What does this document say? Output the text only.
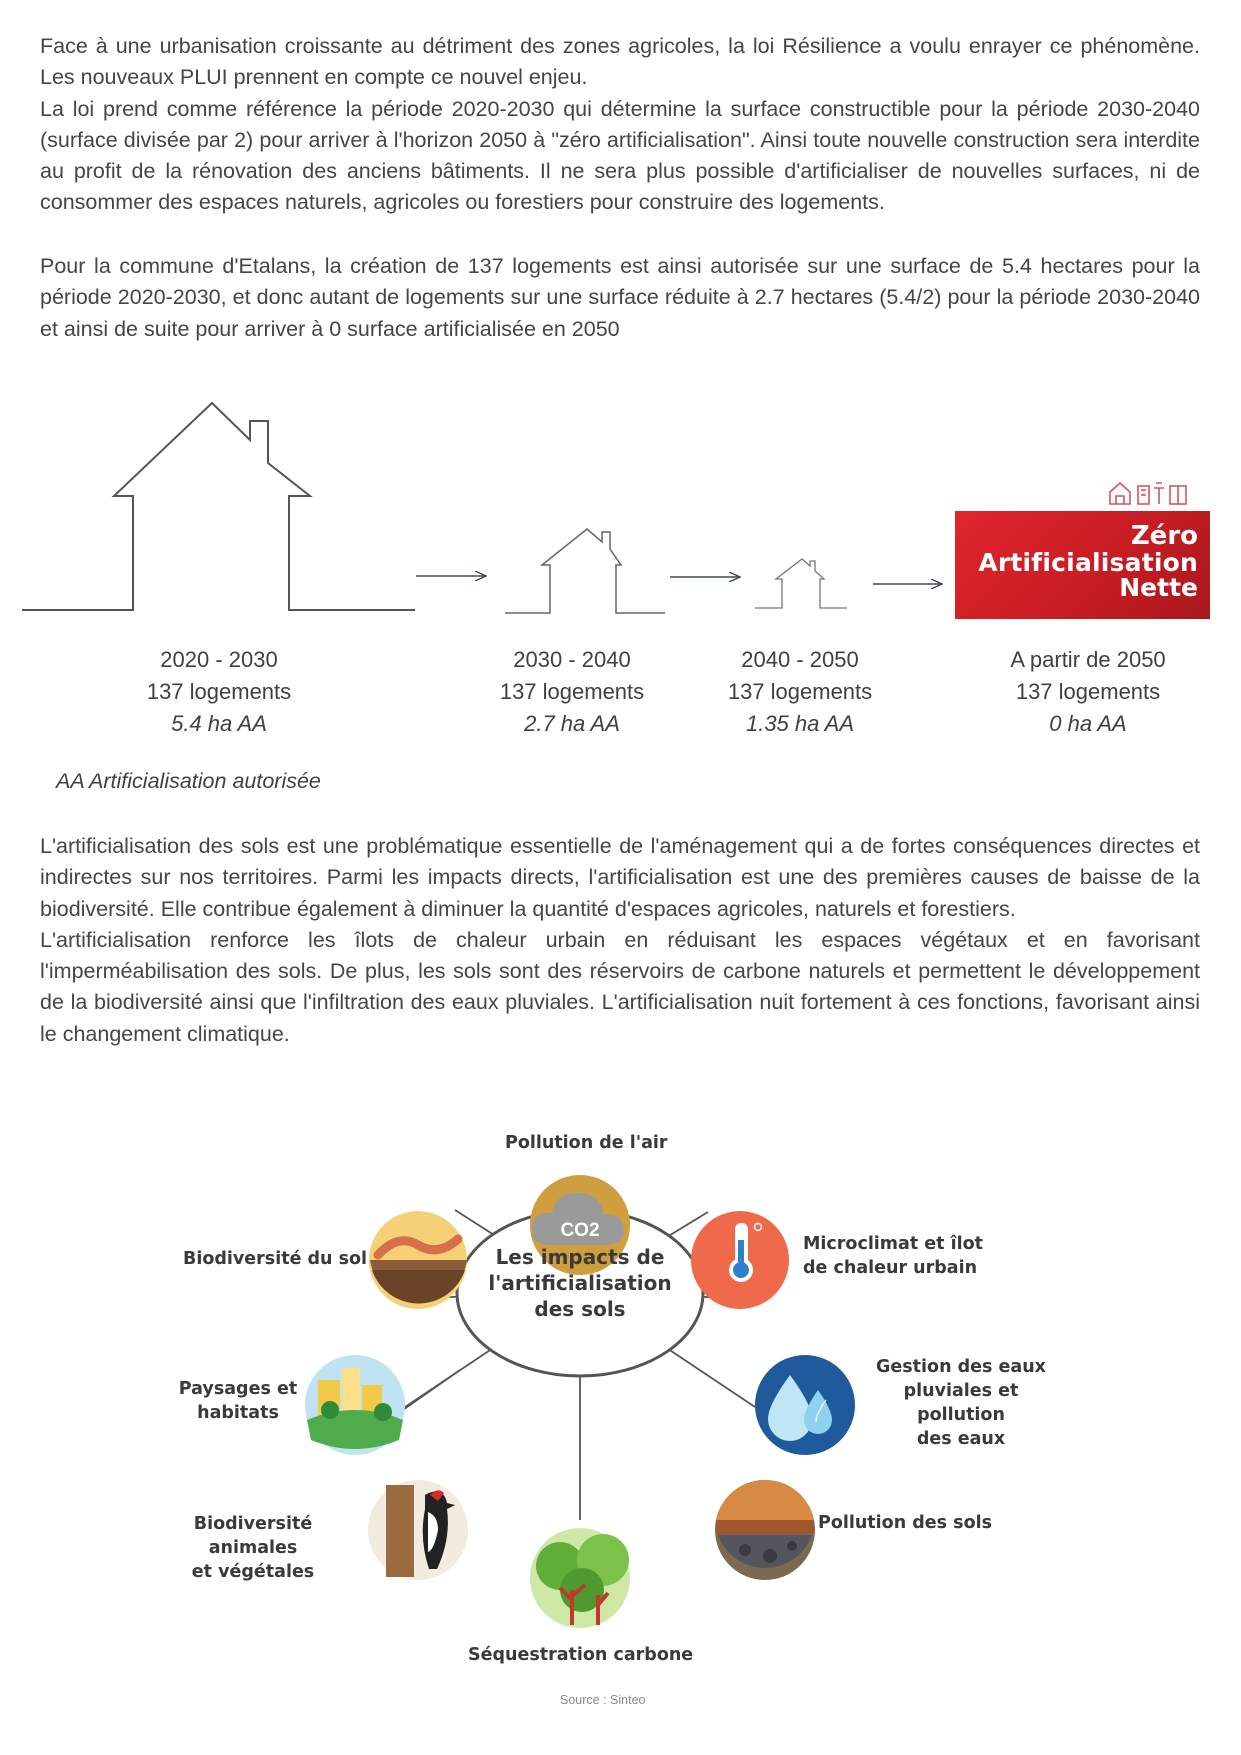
Face à une urbanisation croissante au détriment des zones agricoles, la loi Résilience a voulu enrayer ce phénomène. Les nouveaux PLUI prennent en compte ce nouvel enjeu.

La loi prend comme référence la période 2020-2030 qui détermine la surface constructible pour la période 2030-2040 (surface divisée par 2) pour arriver à l'horizon 2050 à "zéro artificialisation". Ainsi toute nouvelle construction sera interdite au profit de la rénovation des anciens bâtiments. Il ne sera plus possible d'artificialiser de nouvelles surfaces, ni de consommer des espaces naturels, agricoles ou forestiers pour construire des logements.

Pour la commune d'Etalans, la création de 137 logements est ainsi autorisée sur une surface de 5.4 hectares pour la période 2020-2030, et donc autant de logements sur une surface réduite à 2.7 hectares (5.4/2) pour la période 2030-2040 et ainsi de suite pour arriver à 0 surface artificialisée en 2050

Zéro
Artificialisation
Nette
2020 - 2030
137 logements
5.4 ha AA
2030 - 2040
137 logements
2.7 ha AA
2040 - 2050
137 logements
1.35 ha AA
A partir de 2050
137 logements
0 ha AA
AA Artificialisation autorisée

L'artificialisation des sols est une problématique essentielle de l'aménagement qui a de fortes conséquences directes et indirectes sur nos territoires. Parmi les impacts directs, l'artificialisation est une des premières causes de baisse de la biodiversité. Elle contribue également à diminuer la quantité d'espaces agricoles, naturels et forestiers.

L'artificialisation renforce les îlots de chaleur urbain en réduisant les espaces végétaux et en favorisant l'imperméabilisation des sols. De plus, les sols sont des réservoirs de carbone naturels et permettent le développement de la biodiversité ainsi que l'infiltration des eaux pluviales. L'artificialisation nuit fortement à ces fonctions, favorisant ainsi le changement climatique.

CO2
Les impacts de
l'artificialisation
des sols
Pollution de l'air
Microclimat et îlot
de chaleur urbain
Gestion des eaux
pluviales et pollution
des eaux
Pollution des sols
Séquestration carbone
Biodiversité animales
et végétales
Paysages et
habitats
Biodiversité du sol
Source : Sinteo
